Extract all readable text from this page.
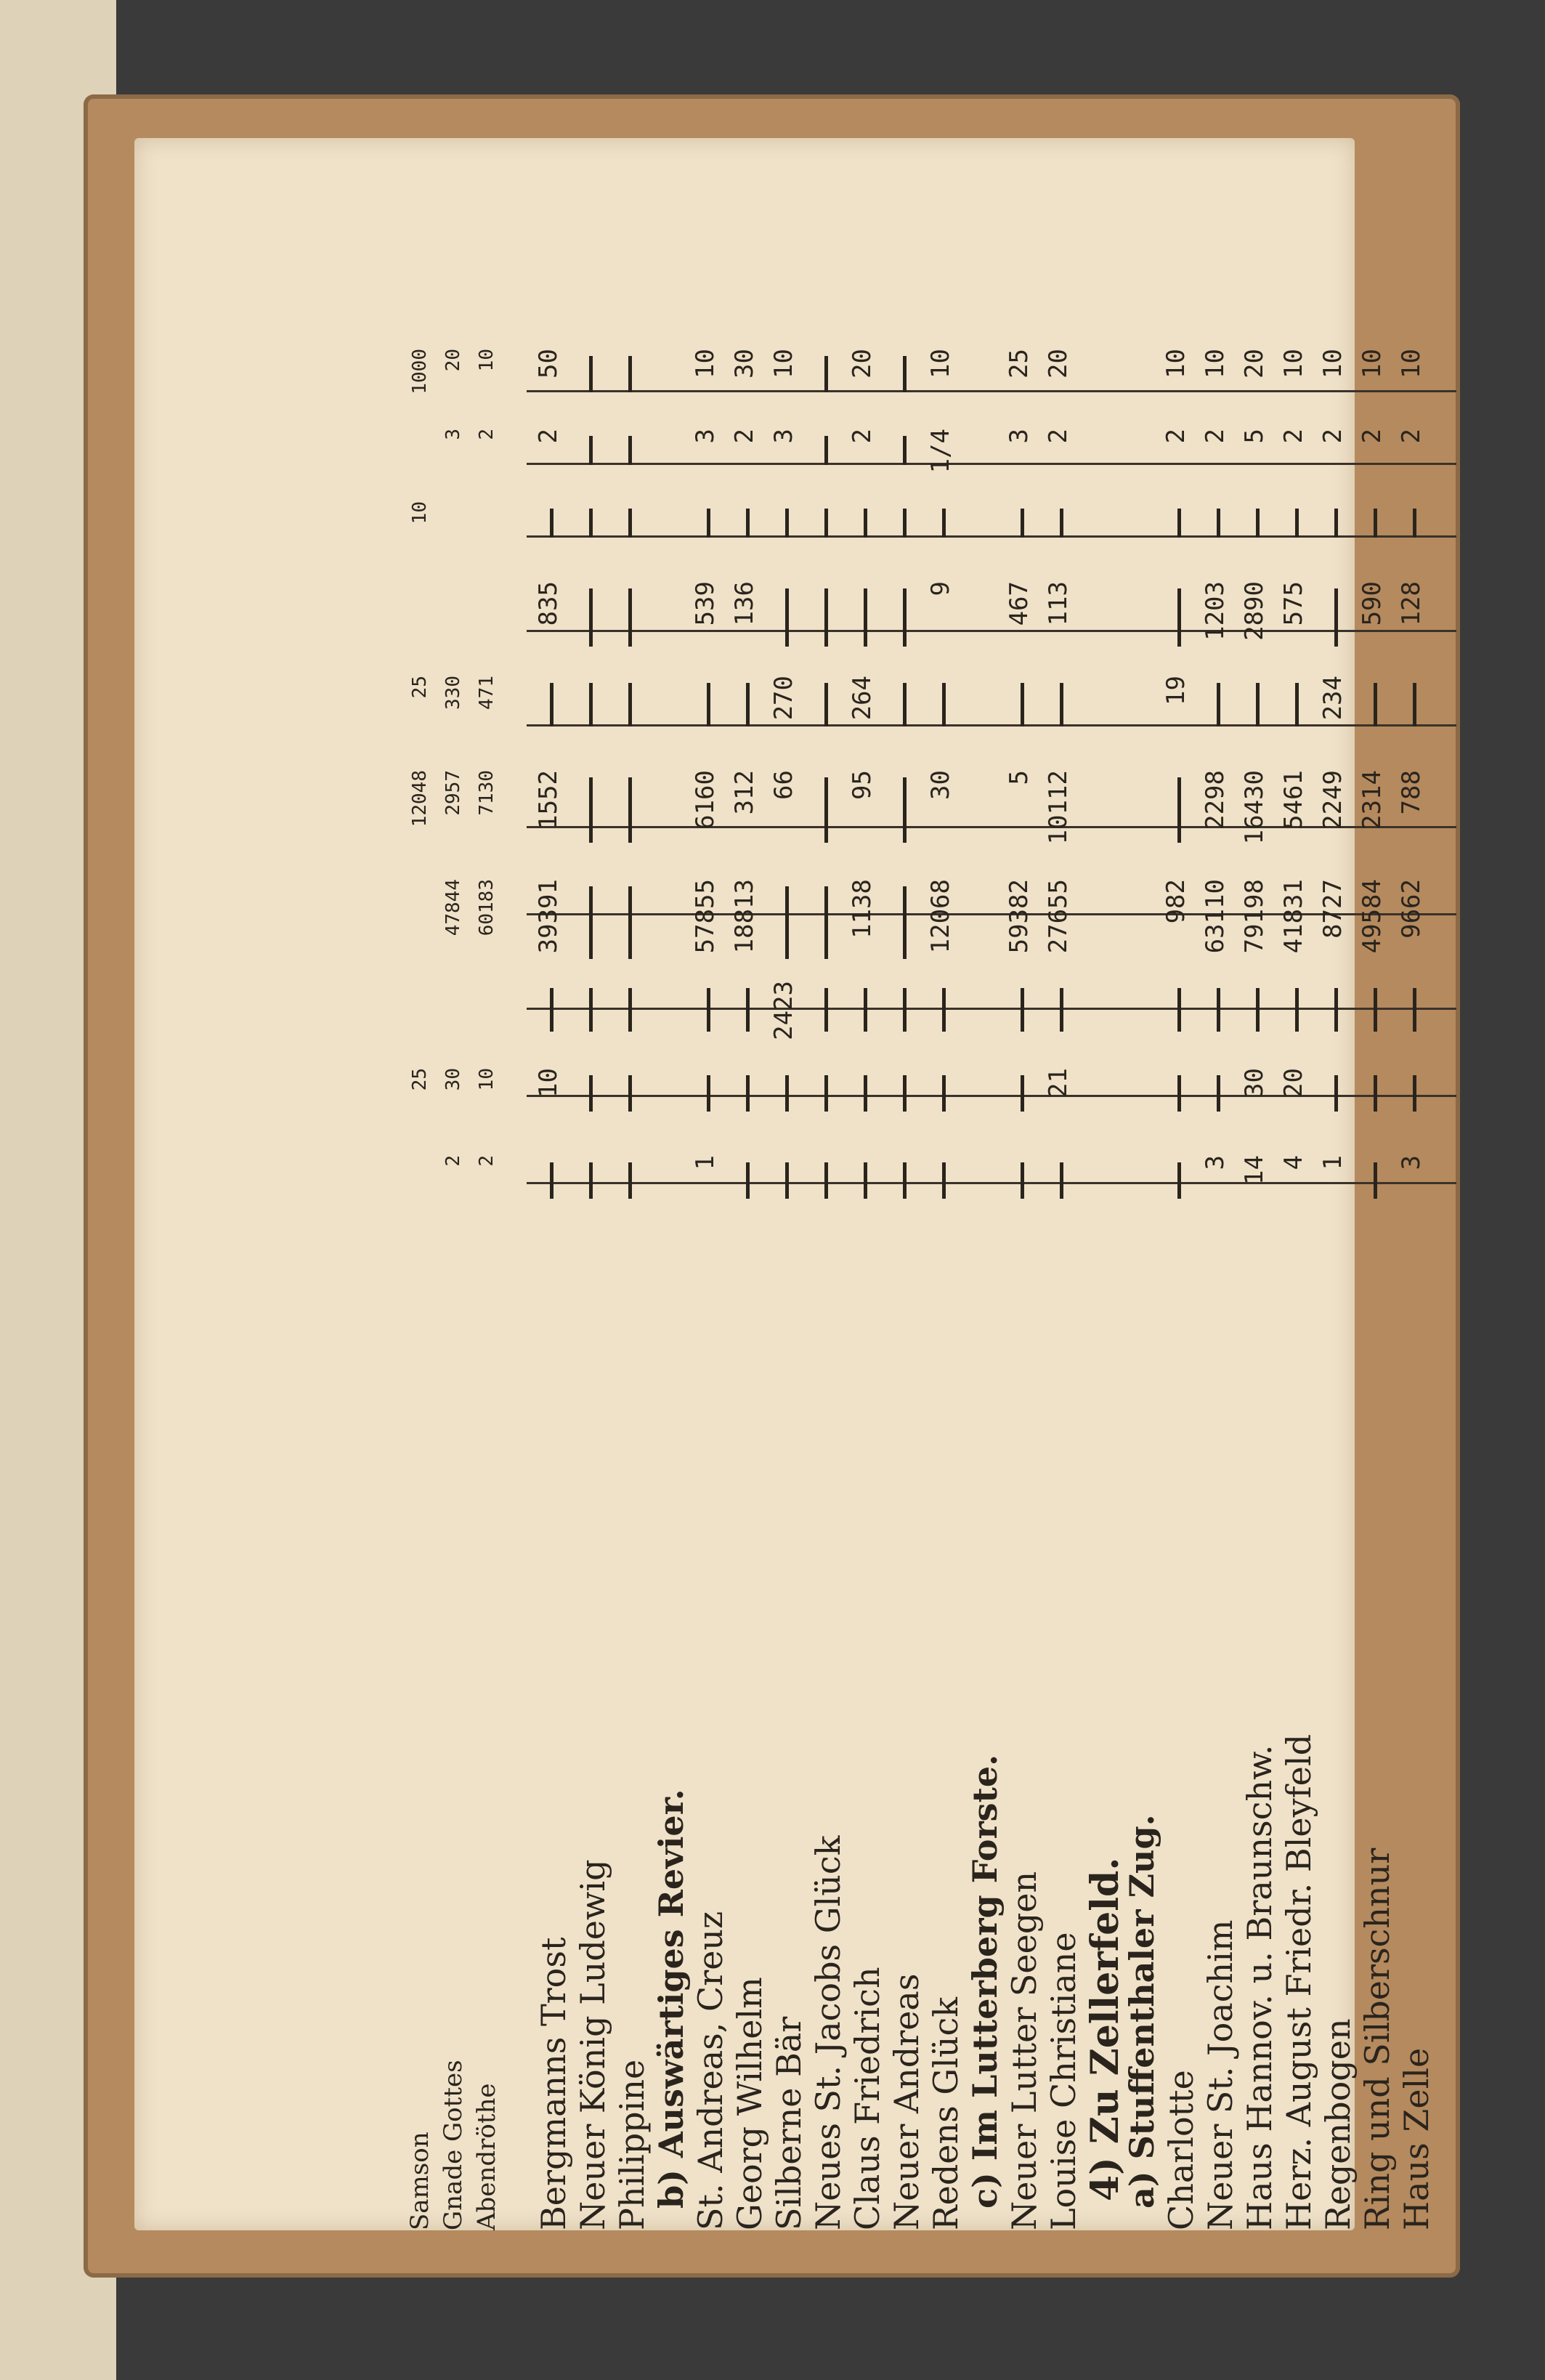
Samson Gnade Gottes Abendröthe
2 2
25 30 10
47844 60183
12048 2957 7130
25 330 471
10
3 2
1000 20 10
Bergmanns Trost
10
39391
1552
835
2
50
Neuer König Ludewig Philippine b) Auswärtiges Revier. St. Andreas, Creuz
1
57855
6160
539
3
10
Georg Wilhelm
18813
312
136
2
30
Silberne Bär
2423
66
270
3
10
Neues St. Jacobs Glück Claus Friedrich
1138
95
264
2
20
Neuer Andreas Redens Glück
12068
30
9
1/4
10
c) Im Lutterberg Forste. Neuer Lutter Seegen
59382
5
467
3
25
Louise Christiane
21
27655
10112
113
2
20
4) Zu Zellerfeld.
a) Stuffenthaler Zug. Charlotte
982
19
2
10
Neuer St. Joachim
3
63110
2298
1203
2
10
Haus Hannov. u. Braunschw.
14
30
79198
16430
2890
5
20
Herz. August Friedr. Bleyfeld
4
20
41831
5461
575
2
10
Regenbogen
1
8727
2249
234
2
10
Ring und Silberschnur
49584
2314
590
2
10
Haus Zelle
3
9662
788
128
2
10
